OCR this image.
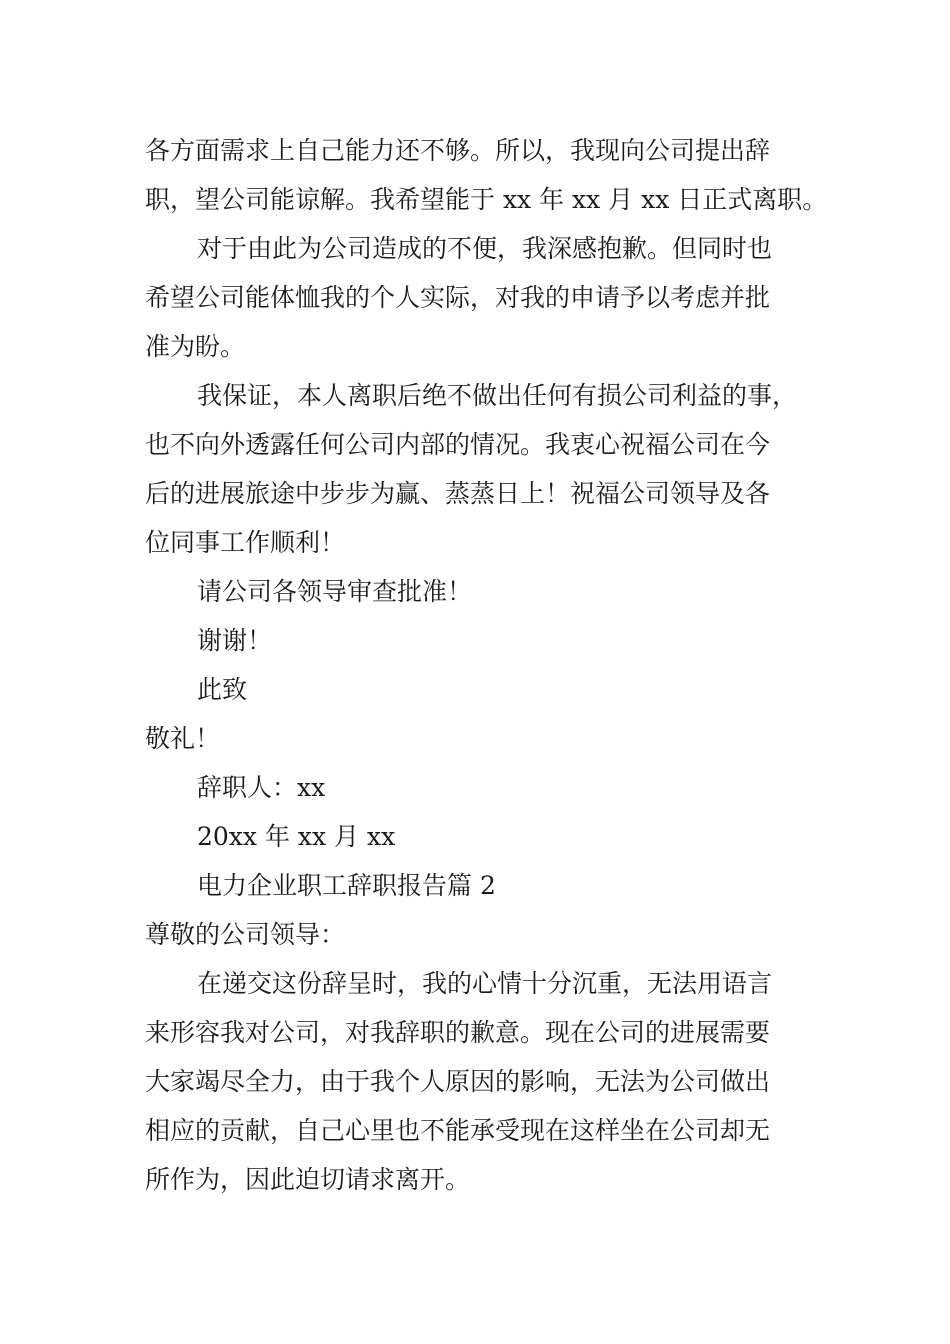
各方面需求上自己能力还不够。所以，我现向公司提出辞
职，望公司能谅解。我希望能于 xx 年 xx 月 xx 日正式离职。
对于由此为公司造成的不便，我深感抱歉。但同时也
希望公司能体恤我的个人实际，对我的申请予以考虑并批
准为盼。
我保证，本人离职后绝不做出任何有损公司利益的事，
也不向外透露任何公司内部的情况。我衷心祝福公司在今
后的进展旅途中步步为赢、蒸蒸日上！祝福公司领导及各
位同事工作顺利！
请公司各领导审查批准！
谢谢！
此致
敬礼！
辞职人：xx
20xx 年 xx 月 xx
电力企业职工辞职报告篇 2
尊敬的公司领导：
在递交这份辞呈时，我的心情十分沉重，无法用语言
来形容我对公司，对我辞职的歉意。现在公司的进展需要
大家竭尽全力，由于我个人原因的影响，无法为公司做出
相应的贡献，自己心里也不能承受现在这样坐在公司却无
所作为，因此迫切请求离开。
